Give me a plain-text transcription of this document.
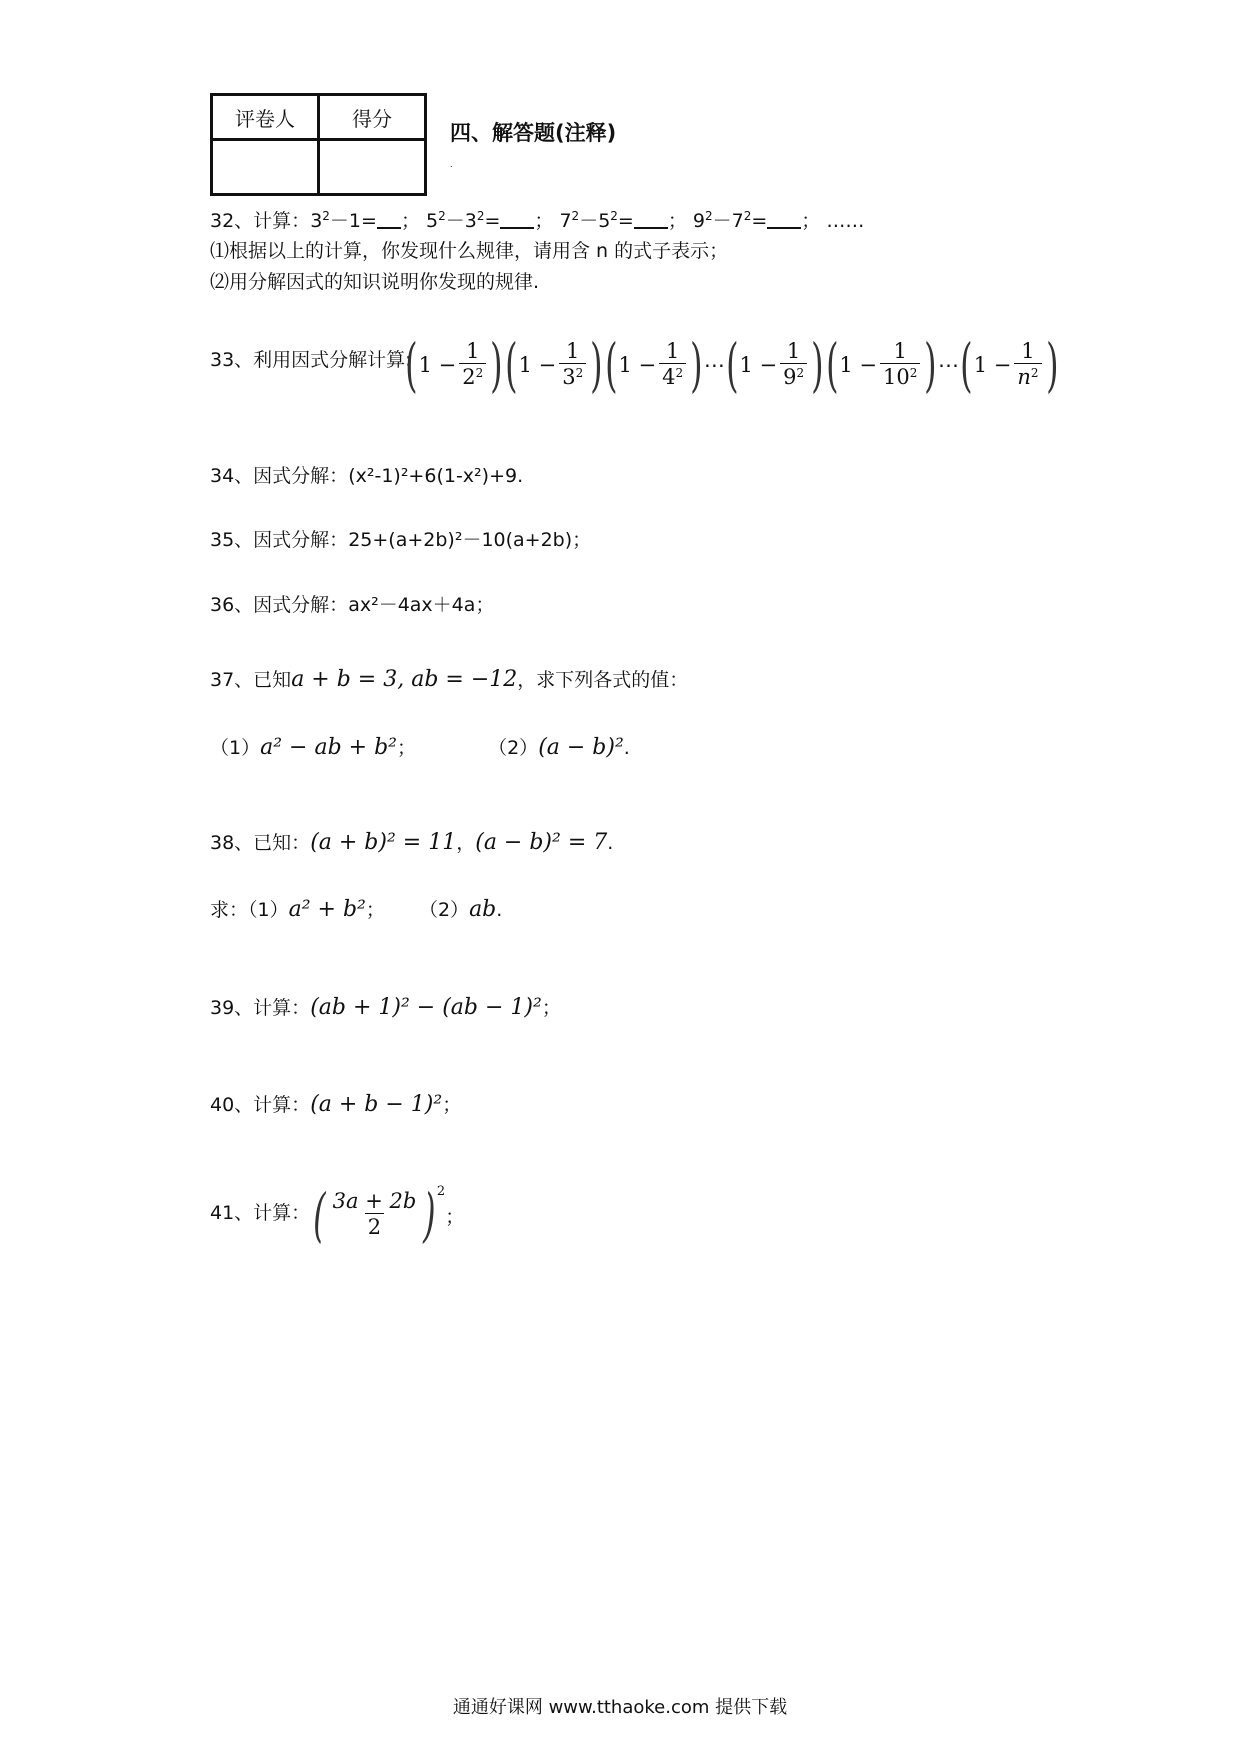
评卷人	得分

四、解答题(注释)
.
32、计算：$3^2-1=$ ； $5^2-3^2=$ ； $7^2-5^2=$ ； $9^2-7^2=$ ； ……
⑴根据以上的计算，你发现什么规律，请用含 n 的式子表示；
⑵用分解因式的知识说明你发现的规律.
33、利用因式分解计算:
( $1 - \frac{1}{2^2}$ ) ( $1 - \frac{1}{3^2}$ ) ( $1 - \frac{1}{4^2}$ ) ⋯ ( $1 - \frac{1}{9^2}$ ) ( $1 - \frac{1}{10^2}$ ) ⋯ ( $1 - \frac{1}{n^2}$ )
34、因式分解：(x²-1)²+6(1-x²)+9.
35、因式分解：25+(a+2b)²－10(a+2b)；
36、因式分解：ax²－4ax＋4a；
37、已知a + b = 3, ab = −12，求下列各式的值：
（1）a² − ab + b²；	（2）(a − b)².
38、已知：(a + b)² = 11，(a − b)² = 7.
求：（1）a² + b²； （2）ab.
39、计算：(ab + 1)² − (ab − 1)²；
40、计算：(a + b − 1)²；
41、计算： ( $\frac{3a + 2b}{2}$ ) 2
；
通通好课网 www.tthaoke.com 提供下载
